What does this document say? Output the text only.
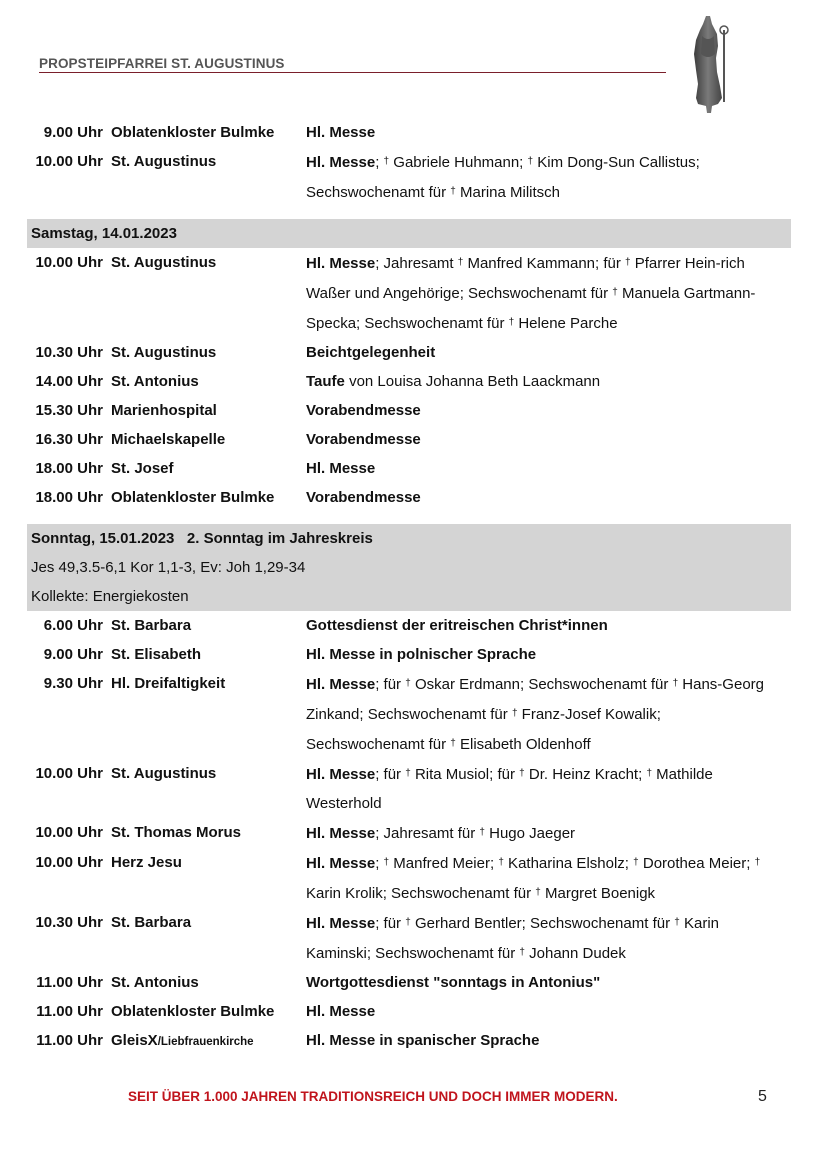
PROPSTEIPFARREI ST. AUGUSTINUS
9.00 Uhr Oblatenkloster Bulmke	Hl. Messe
10.00 Uhr St. Augustinus	Hl. Messe; † Gabriele Huhmann; † Kim Dong-Sun Callistus; Sechswochenamt für † Marina Militsch
Samstag, 14.01.2023
10.00 Uhr St. Augustinus	Hl. Messe; Jahresamt † Manfred Kammann; für † Pfarrer Hein-rich Waßer und Angehörige; Sechswochenamt für † Manuela Gartmann-Specka; Sechswochenamt für † Helene Parche
10.30 Uhr St. Augustinus	Beichtgelegenheit
14.00 Uhr St. Antonius	Taufe von Louisa Johanna Beth Laackmann
15.30 Uhr Marienhospital	Vorabendmesse
16.30 Uhr Michaelskapelle	Vorabendmesse
18.00 Uhr St. Josef	Hl. Messe
18.00 Uhr Oblatenkloster Bulmke	Vorabendmesse
Sonntag, 15.01.2023 2. Sonntag im Jahreskreis
Jes 49,3.5-6,1 Kor 1,1-3, Ev: Joh 1,29-34
Kollekte: Energiekosten
6.00 Uhr St. Barbara	Gottesdienst der eritreischen Christ*innen
9.00 Uhr St. Elisabeth	Hl. Messe in polnischer Sprache
9.30 Uhr Hl. Dreifaltigkeit	Hl. Messe; für † Oskar Erdmann; Sechswochenamt für † Hans-Georg Zinkand; Sechswochenamt für † Franz-Josef Kowalik; Sechswochenamt für † Elisabeth Oldenhoff
10.00 Uhr St. Augustinus	Hl. Messe; für † Rita Musiol; für † Dr. Heinz Kracht; † Mathilde Westerhold
10.00 Uhr St. Thomas Morus	Hl. Messe; Jahresamt für † Hugo Jaeger
10.00 Uhr Herz Jesu	Hl. Messe; † Manfred Meier; † Katharina Elsholz; † Dorothea Meier; † Karin Krolik; Sechswochenamt für † Margret Boenigk
10.30 Uhr St. Barbara	Hl. Messe; für † Gerhard Bentler; Sechswochenamt für † Karin Kaminski; Sechswochenamt für † Johann Dudek
11.00 Uhr St. Antonius	Wortgottesdienst "sonntags in Antonius"
11.00 Uhr Oblatenkloster Bulmke	Hl. Messe
11.00 Uhr GleisX/Liebfrauenkirche	Hl. Messe in spanischer Sprache
SEIT ÜBER 1.000 JAHREN TRADITIONSREICH UND DOCH IMMER MODERN.	5
